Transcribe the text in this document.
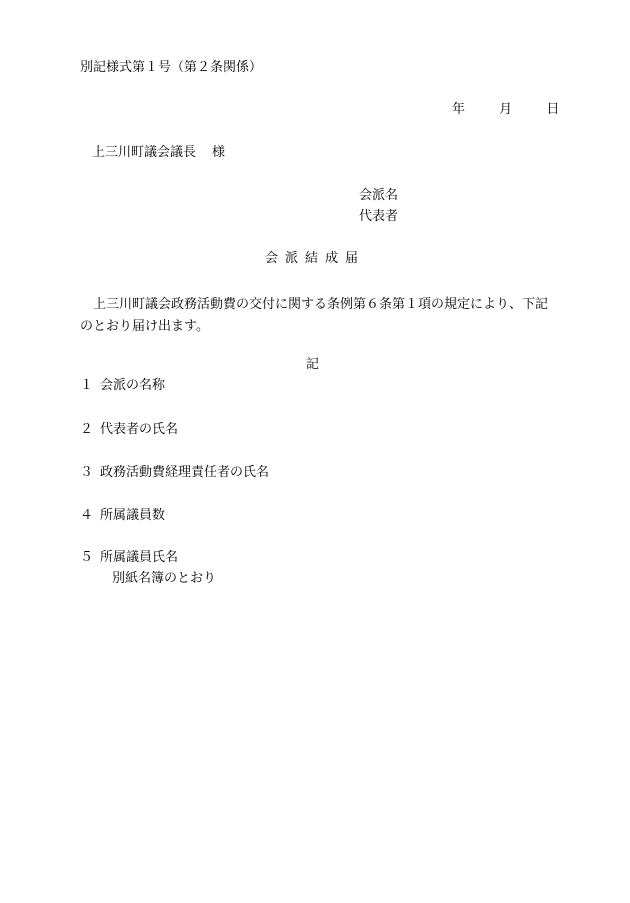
別記様式第１号（第２条関係）
年	月	日
上三川町議会議長 様
会派名
代表者
会派結成届
上三川町議会政務活動費の交付に関する条例第６条第１項の規定により、下記のとおり届け出ます。
記
１ 会派の名称
２ 代表者の氏名
３ 政務活動費経理責任者の氏名
４ 所属議員数
５ 所属議員氏名
別紙名簿のとおり
